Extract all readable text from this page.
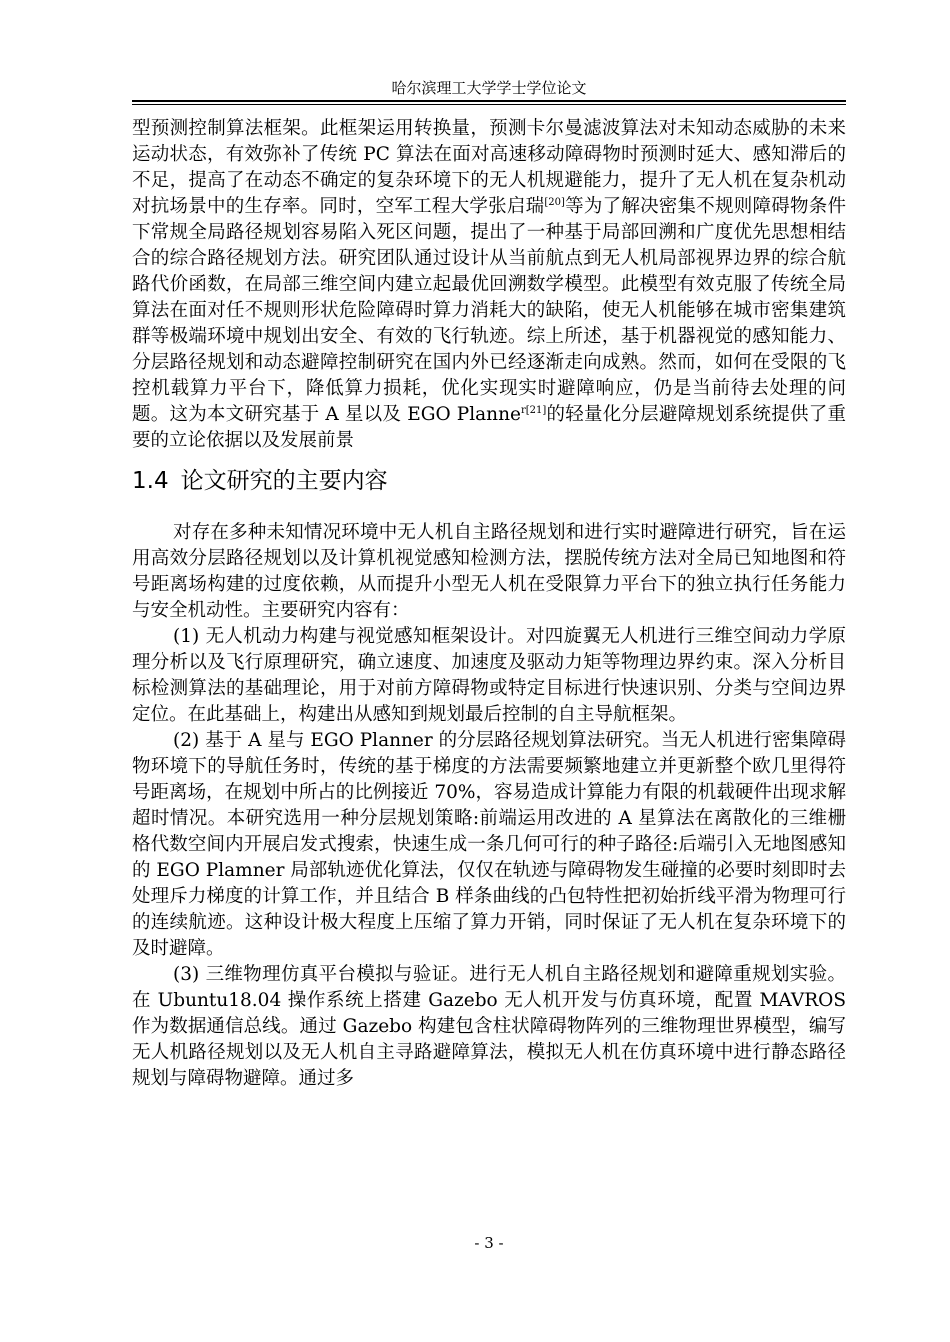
哈尔滨理工大学学士学位论文

型预测控制算法框架。此框架运用转换量，预测卡尔曼滤波算法对未知动态威胁的未来运动状态，有效弥补了传统 PC 算法在面对高速移动障碍物时预测时延大、感知滞后的不足，提高了在动态不确定的复杂环境下的无人机规避能力，提升了无人机在复杂机动对抗场景中的生存率。同时，空军工程大学张启瑞[20]等为了解决密集不规则障碍物条件下常规全局路径规划容易陷入死区问题，提出了一种基于局部回溯和广度优先思想相结合的综合路径规划方法。研究团队通过设计从当前航点到无人机局部视界边界的综合航路代价函数，在局部三维空间内建立起最优回溯数学模型。此模型有效克服了传统全局算法在面对任不规则形状危险障碍时算力消耗大的缺陷，使无人机能够在城市密集建筑群等极端环境中规划出安全、有效的飞行轨迹。综上所述，基于机器视觉的感知能力、分层路径规划和动态避障控制研究在国内外已经逐渐走向成熟。然而，如何在受限的飞控机载算力平台下，降低算力损耗，优化实现实时避障响应，仍是当前待去处理的问题。这为本文研究基于 A 星以及 EGO Planne$^{r[21]}$的轻量化分层避障规划系统提供了重要的立论依据以及发展前景

1.4 论文研究的主要内容

对存在多种未知情况环境中无人机自主路径规划和进行实时避障进行研究，旨在运用高效分层路径规划以及计算机视觉感知检测方法，摆脱传统方法对全局已知地图和符号距离场构建的过度依赖，从而提升小型无人机在受限算力平台下的独立执行任务能力与安全机动性。主要研究内容有：

(1) 无人机动力构建与视觉感知框架设计。对四旋翼无人机进行三维空间动力学原理分析以及飞行原理研究，确立速度、加速度及驱动力矩等物理边界约束。深入分析目标检测算法的基础理论，用于对前方障碍物或特定目标进行快速识别、分类与空间边界定位。在此基础上，构建出从感知到规划最后控制的自主导航框架。

(2) 基于 A 星与 EGO Planner 的分层路径规划算法研究。当无人机进行密集障碍物环境下的导航任务时，传统的基于梯度的方法需要频繁地建立并更新整个欧几里得符号距离场，在规划中所占的比例接近 70%，容易造成计算能力有限的机载硬件出现求解超时情况。本研究选用一种分层规划策略:前端运用改进的 A 星算法在离散化的三维栅格代数空间内开展启发式搜索，快速生成一条几何可行的种子路径:后端引入无地图感知的 EGO Plamner 局部轨迹优化算法，仅仅在轨迹与障碍物发生碰撞的必要时刻即时去处理斥力梯度的计算工作，并且结合 B 样条曲线的凸包特性把初始折线平滑为物理可行的连续航迹。这种设计极大程度上压缩了算力开销，同时保证了无人机在复杂环境下的及时避障。

(3) 三维物理仿真平台模拟与验证。进行无人机自主路径规划和避障重规划实验。在 Ubuntu18.04 操作系统上搭建 Gazebo 无人机开发与仿真环境，配置 MAVROS 作为数据通信总线。通过 Gazebo 构建包含柱状障碍物阵列的三维物理世界模型，编写无人机路径规划以及无人机自主寻路避障算法，模拟无人机在仿真环境中进行静态路径规划与障碍物避障。通过多

- 3 -
